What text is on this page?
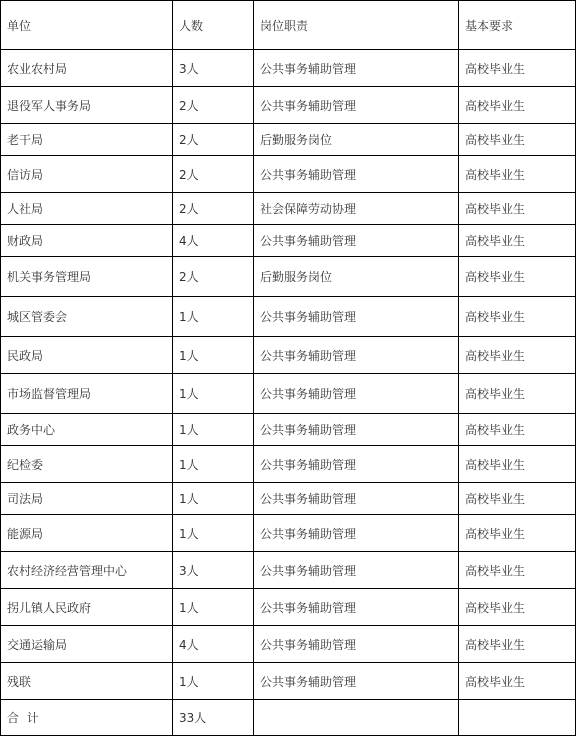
单位	人数	岗位职责	基本要求
农业农村局	3人	公共事务辅助管理	高校毕业生
退役军人事务局	2人	公共事务辅助管理	高校毕业生
老干局	2人	后勤服务岗位	高校毕业生
信访局	2人	公共事务辅助管理	高校毕业生
人社局	2人	社会保障劳动协理	高校毕业生
财政局	4人	公共事务辅助管理	高校毕业生
机关事务管理局	2人	后勤服务岗位	高校毕业生
城区管委会	1人	公共事务辅助管理	高校毕业生
民政局	1人	公共事务辅助管理	高校毕业生
市场监督管理局	1人	公共事务辅助管理	高校毕业生
政务中心	1人	公共事务辅助管理	高校毕业生
纪检委	1人	公共事务辅助管理	高校毕业生
司法局	1人	公共事务辅助管理	高校毕业生
能源局	1人	公共事务辅助管理	高校毕业生
农村经济经营管理中心	3人	公共事务辅助管理	高校毕业生
拐儿镇人民政府	1人	公共事务辅助管理	高校毕业生
交通运输局	4人	公共事务辅助管理	高校毕业生
残联	1人	公共事务辅助管理	高校毕业生
合  计	33人		
